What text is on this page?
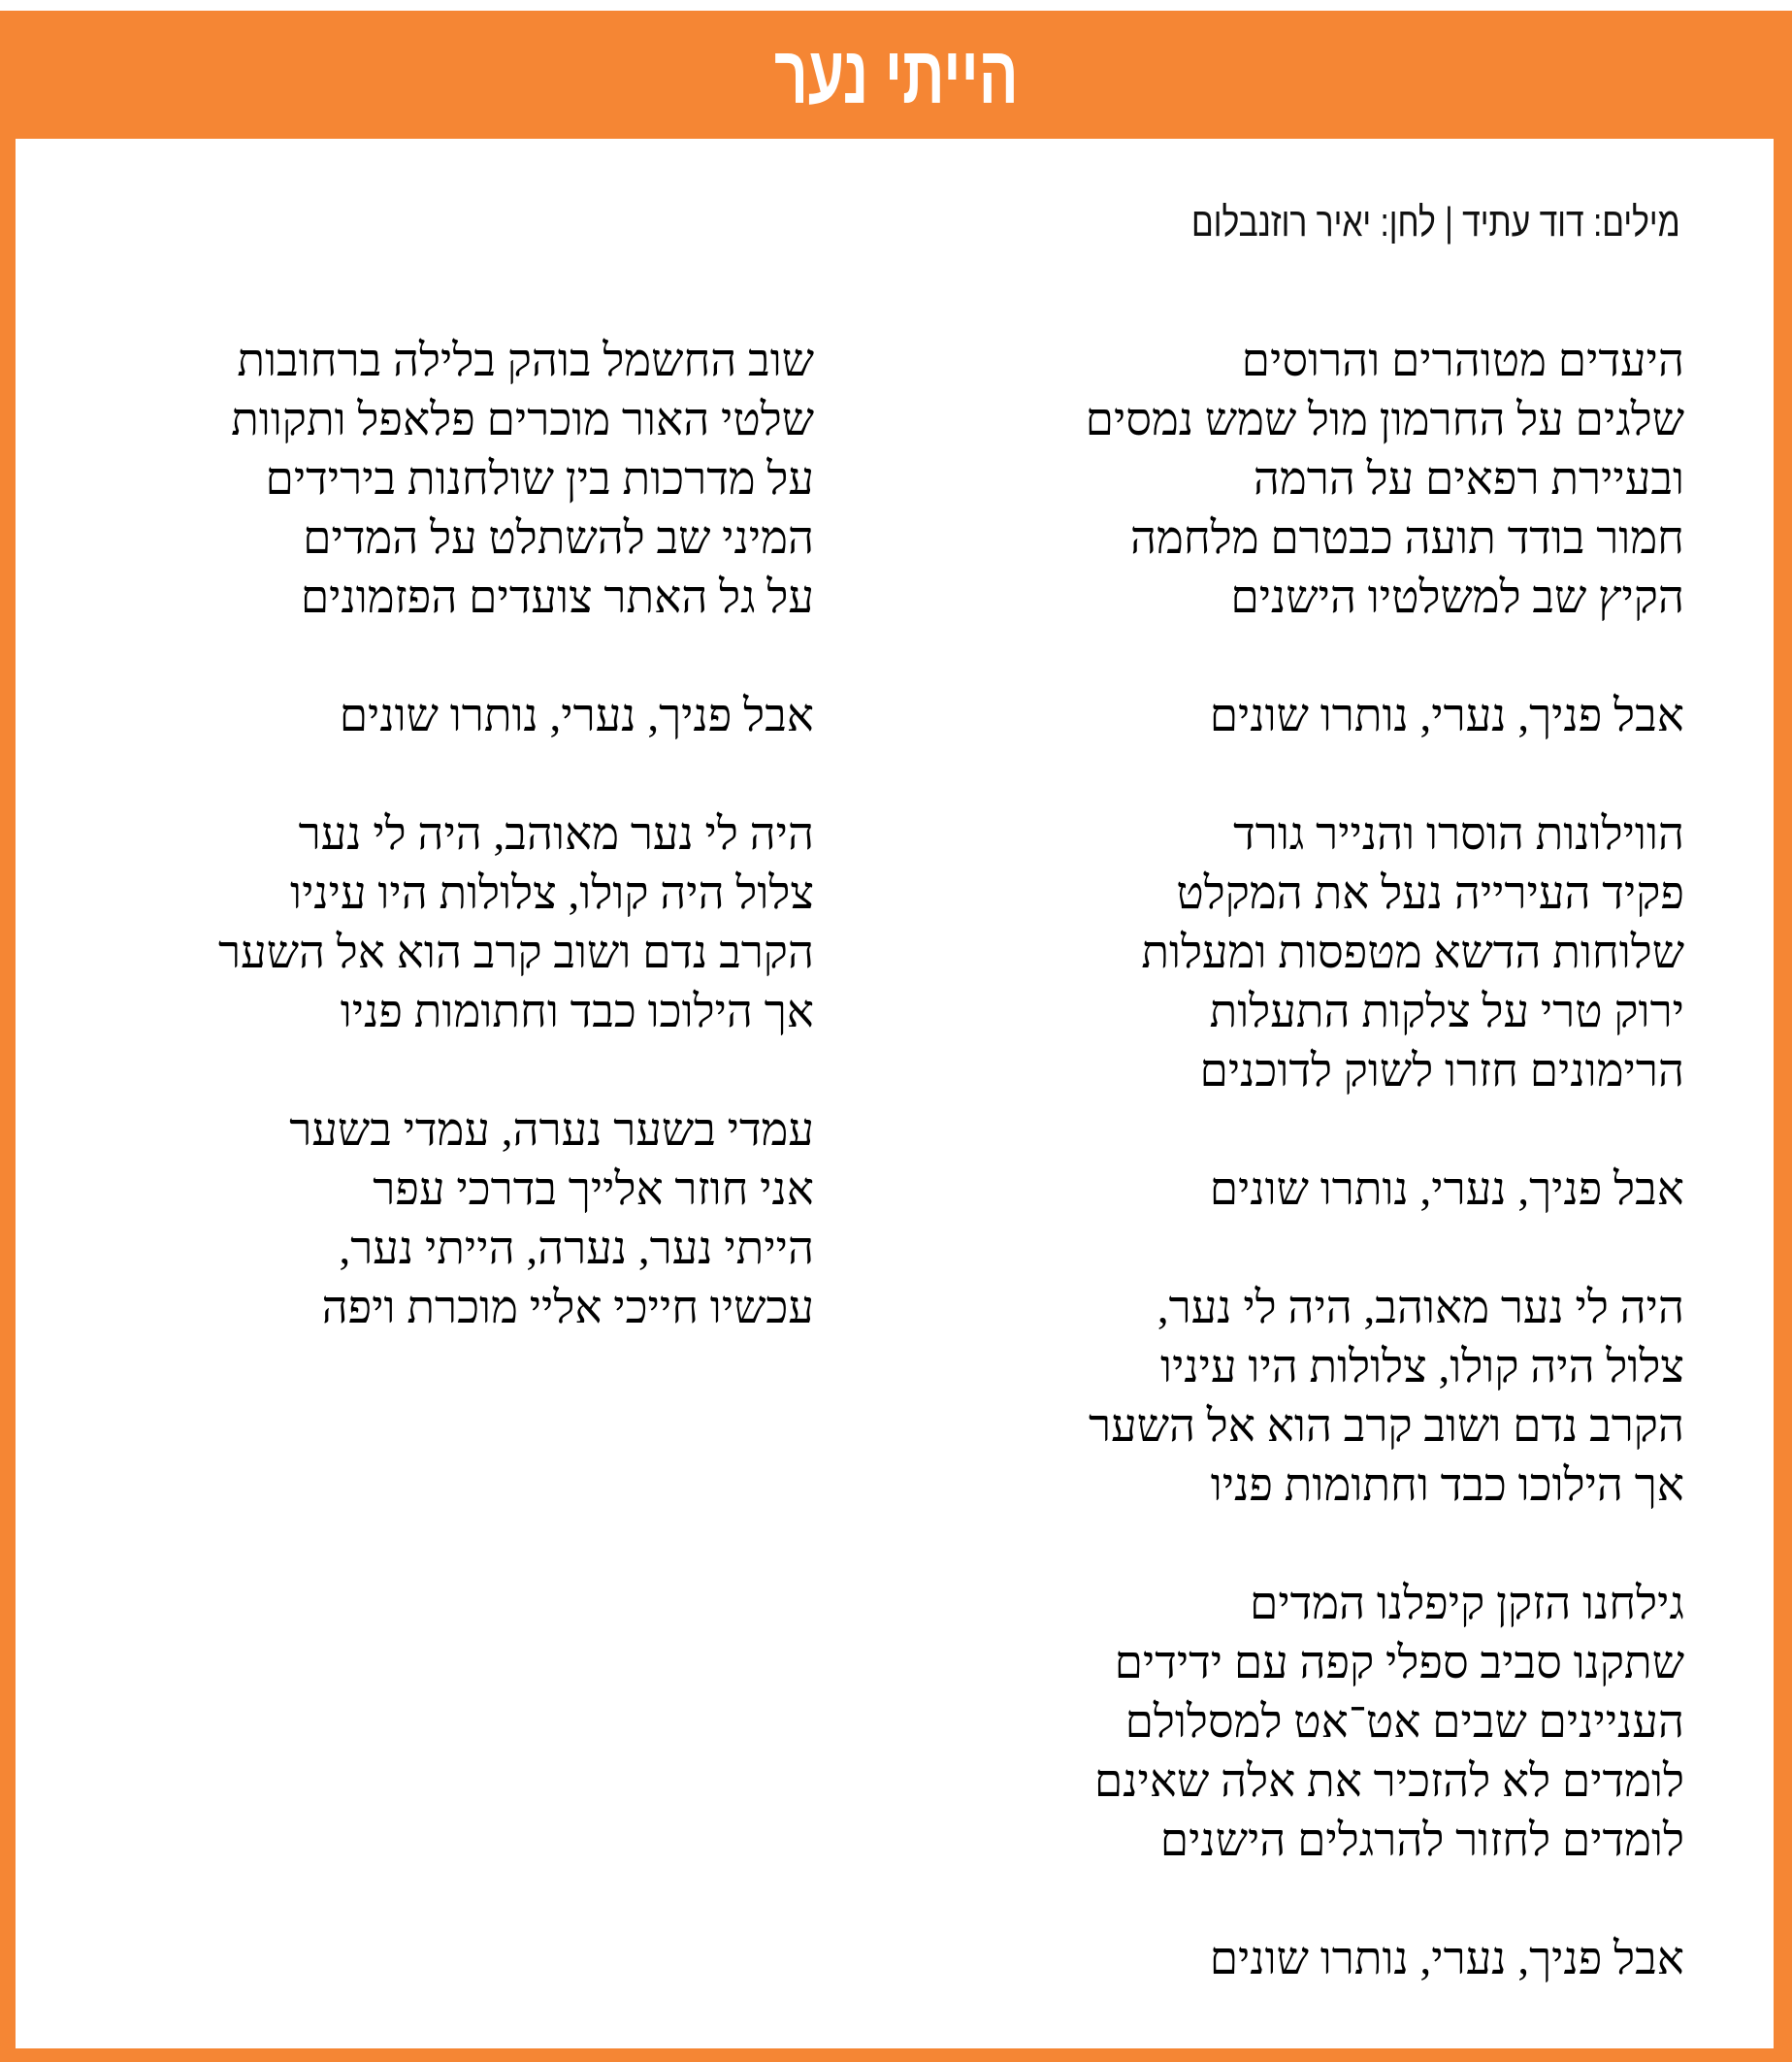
הייתי נער
מילים: דוד עתיד | לחן: יאיר רוזנבלום
היעדים מטוהרים והרוסים
שלגים על החרמון מול שמש נמסים
ובעיירת רפאים על הרמה
חמור בודד תועה כבטרם מלחמה
הקיץ שב למשלטיו הישנים
אבל פניך, נערי, נותרו שונים
הווילונות הוסרו והנייר גורד
פקיד העירייה נעל את המקלט
שלוחות הדשא מטפסות ומעלות
ירוק טרי על צלקות התעלות
הרימונים חזרו לשוק לדוכנים
אבל פניך, נערי, נותרו שונים
היה לי נער מאוהב, היה לי נער,
צלול היה קולו, צלולות היו עיניו
הקרב נדם ושוב קרב הוא אל השער
אך הילוכו כבד וחתומות פניו
גילחנו הזקן קיפלנו המדים
שתקנו סביב ספלי קפה עם ידידים
העניינים שבים אט־אט למסלולם
לומדים לא להזכיר את אלה שאינם
לומדים לחזור להרגלים הישנים
אבל פניך, נערי, נותרו שונים
שוב החשמל בוהק בלילה ברחובות
שלטי האור מוכרים פלאפל ותקוות
על מדרכות בין שולחנות בירידים
המיני שב להשתלט על המדים
על גל האתר צועדים הפזמונים
אבל פניך, נערי, נותרו שונים
היה לי נער מאוהב, היה לי נער
צלול היה קולו, צלולות היו עיניו
הקרב נדם ושוב קרב הוא אל השער
אך הילוכו כבד וחתומות פניו
עמדי בשער נערה, עמדי בשער
אני חוזר אלייך בדרכי עפר
הייתי נער, נערה, הייתי נער,
עכשיו חייכי אליי מוכרת ויפה
